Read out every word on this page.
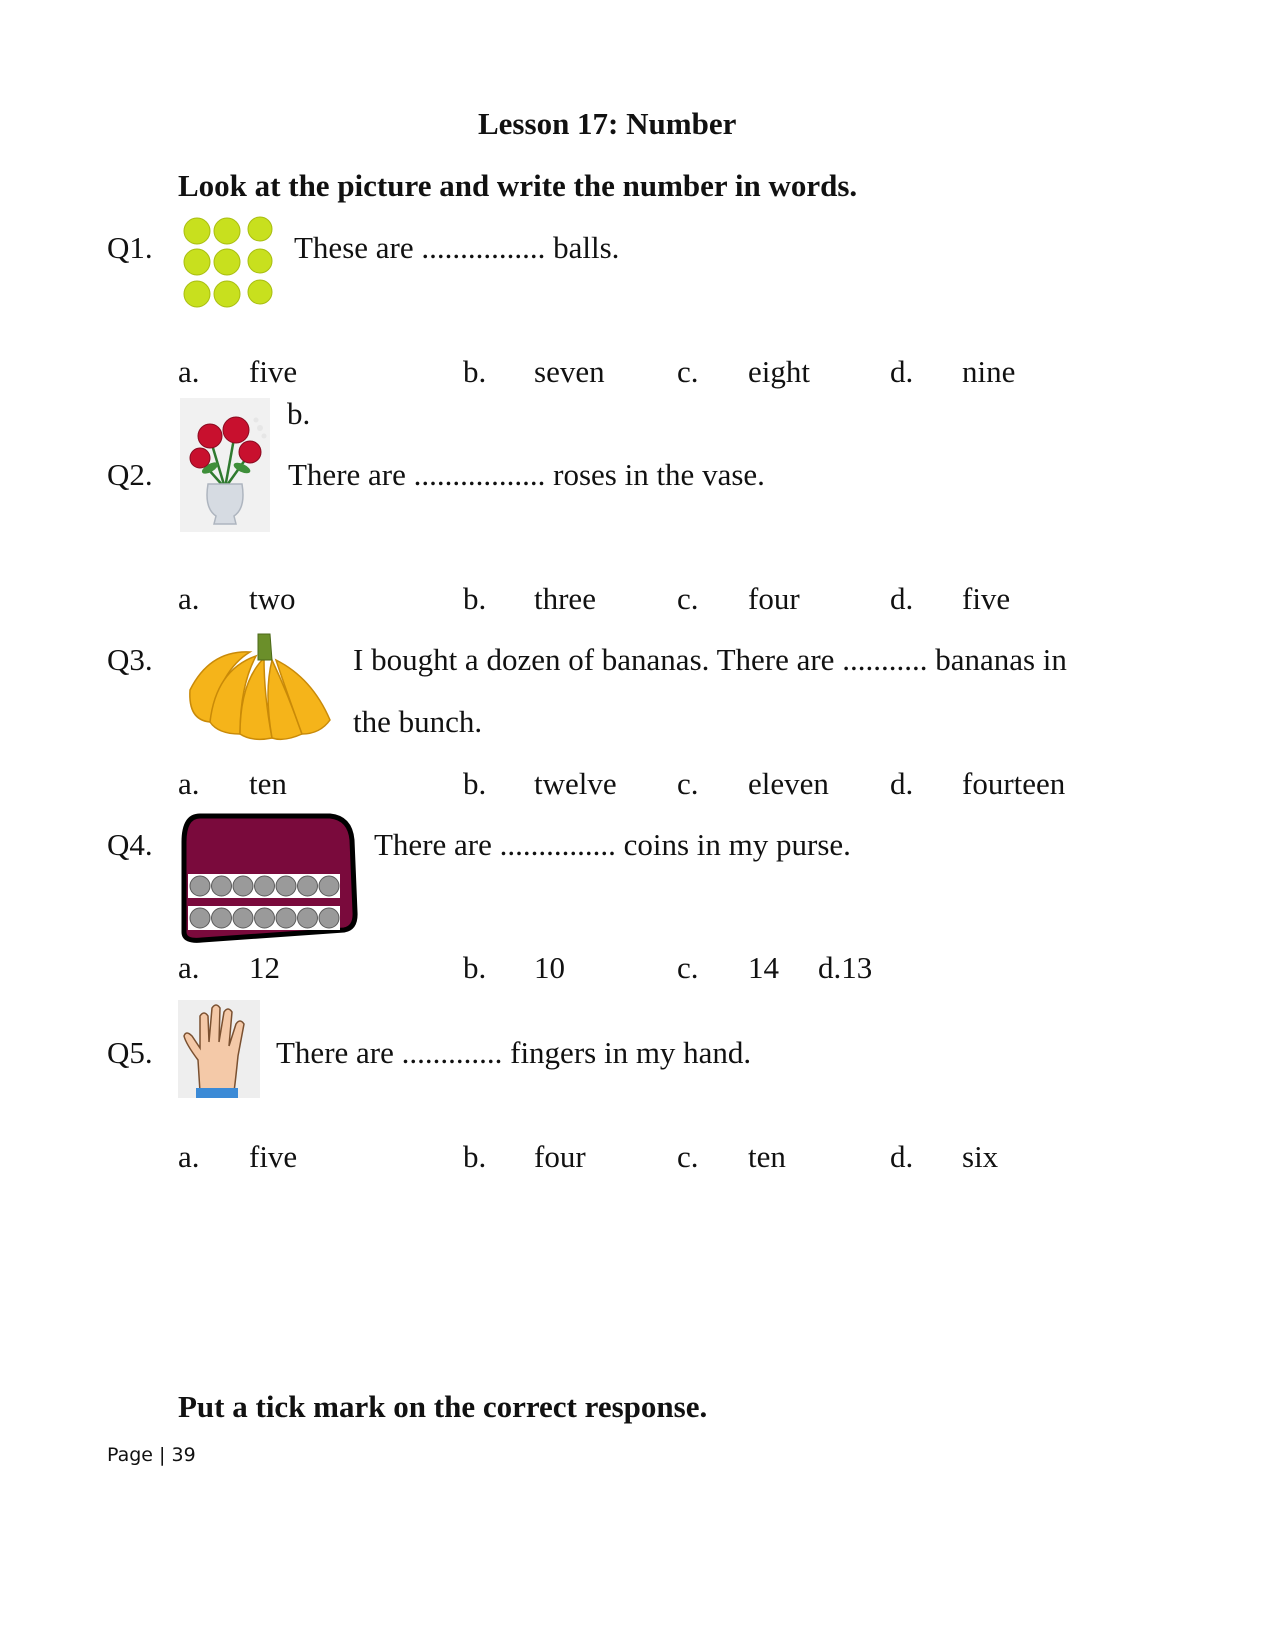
Lesson 17: Number
Look at the picture and write the number in words.
Q1.	These are ................ balls.
a. five	b. seven c. eight	d. nine
b.
Q2.	There are ................. roses in the vase.
a. two	b. three	c. four	d. five
Q3.	I bought a dozen of bananas. There are ........... bananas in
the bunch.
a. ten	b. twelve c. eleven d. fourteen
Q4.	There are ............... coins in my purse.
a. 12	b. 10	c. 14 d.13
Q5.	There are ............. fingers in my hand.
a. five	b. four	c. ten	d. six
Put a tick mark on the correct response.
Page | 39
